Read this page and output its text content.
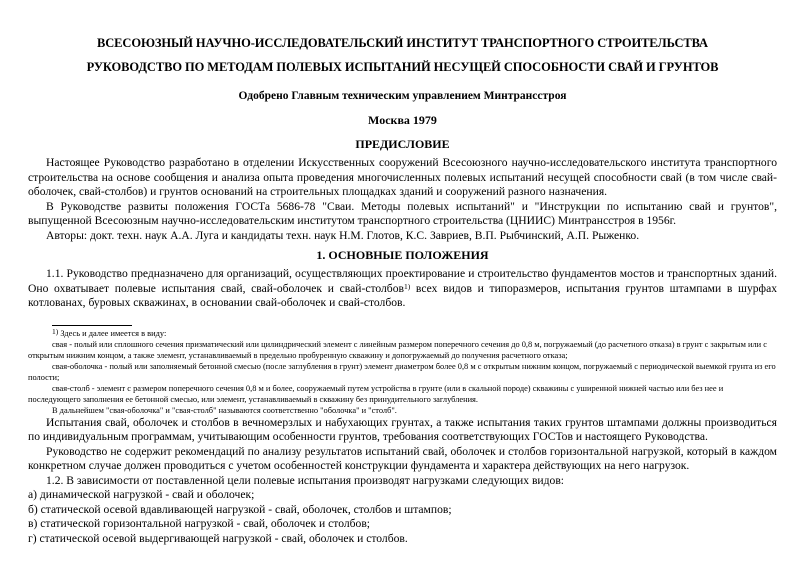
ВСЕСОЮЗНЫЙ НАУЧНО-ИССЛЕДОВАТЕЛЬСКИЙ ИНСТИТУТ ТРАНСПОРТНОГО СТРОИТЕЛЬСТВА
РУКОВОДСТВО ПО МЕТОДАМ ПОЛЕВЫХ ИСПЫТАНИЙ НЕСУЩЕЙ СПОСОБНОСТИ СВАЙ И ГРУНТОВ
Одобрено Главным техническим управлением Минтрансстроя
Москва 1979
ПРЕДИСЛОВИЕ

Настоящее Руководство разработано в отделении Искусственных сооружений Всесоюзного научно-исследовательского института транспортного строительства на основе сообщения и анализа опыта проведения многочисленных полевых испытаний несущей способности свай (в том числе свай-оболочек, свай-столбов) и грунтов оснований на строительных площадках зданий и сооружений разного назначения.

В Руководстве развиты положения ГОСТа 5686-78 "Сваи. Методы полевых испытаний" и "Инструкции по испытанию свай и грунтов", выпущенной Всесоюзным научно-исследовательским институтом транспортного строительства (ЦНИИС) Минтрансстроя в 1956г.

Авторы: докт. техн. наук А.А. Луга и кандидаты техн. наук Н.М. Глотов, К.С. Завриев, В.П. Рыбчинский, А.П. Рыженко.

1. ОСНОВНЫЕ ПОЛОЖЕНИЯ

1.1. Руководство предназначено для организаций, осуществляющих проектирование и строительство фундаментов мостов и транспортных зданий. Оно охватывает полевые испытания свай, свай-оболочек и свай-столбов$^{1)}$ всех видов и типоразмеров, испытания грунтов штампами в шурфах котлованах, буровых скважинах, в основании свай-оболочек и свай-столбов.

$^{1)}$ Здесь и далее имеется в виду:

свая - полый или сплошного сечения призматический или цилиндрический элемент с линейным размером поперечного сечения до 0,8 м, погружаемый (до расчетного отказа) в грунт с закрытым или с открытым нижним концом, а также элемент, устанавливаемый в предельно пробуренную скважину и допогружаемый до получения расчетного отказа;

свая-оболочка - полый или заполняемый бетонной смесью (после заглубления в грунт) элемент диаметром более 0,8 м с открытым нижним концом, погружаемый с периодической выемкой грунта из его полости;

свая-столб - элемент с размером поперечного сечения 0,8 м и более, сооружаемый путем устройства в грунте (или в скальной породе) скважины с уширенной нижней частью или без нее и последующего заполнения ее бетонной смесью, или элемент, устанавливаемый в скважину без принудительного заглубления.

В дальнейшем "свая-оболочка" и "свая-столб" называются соответственно "оболочка" и "столб".

Испытания свай, оболочек и столбов в вечномерзлых и набухающих грунтах, а также испытания таких грунтов штампами должны производиться по индивидуальным программам, учитывающим особенности грунтов, требования соответствующих ГОСТов и настоящего Руководства.

Руководство не содержит рекомендаций по анализу результатов испытаний свай, оболочек и столбов горизонтальной нагрузкой, который в каждом конкретном случае должен проводиться с учетом особенностей конструкции фундамента и характера действующих на него нагрузок.

1.2. В зависимости от поставленной цели полевые испытания производят нагрузками следующих видов:

а) динамической нагрузкой - свай и оболочек;

б) статической осевой вдавливающей нагрузкой - свай, оболочек, столбов и штампов;

в) статической горизонтальной нагрузкой - свай, оболочек и столбов;

г) статической осевой выдергивающей нагрузкой - свай, оболочек и столбов.
